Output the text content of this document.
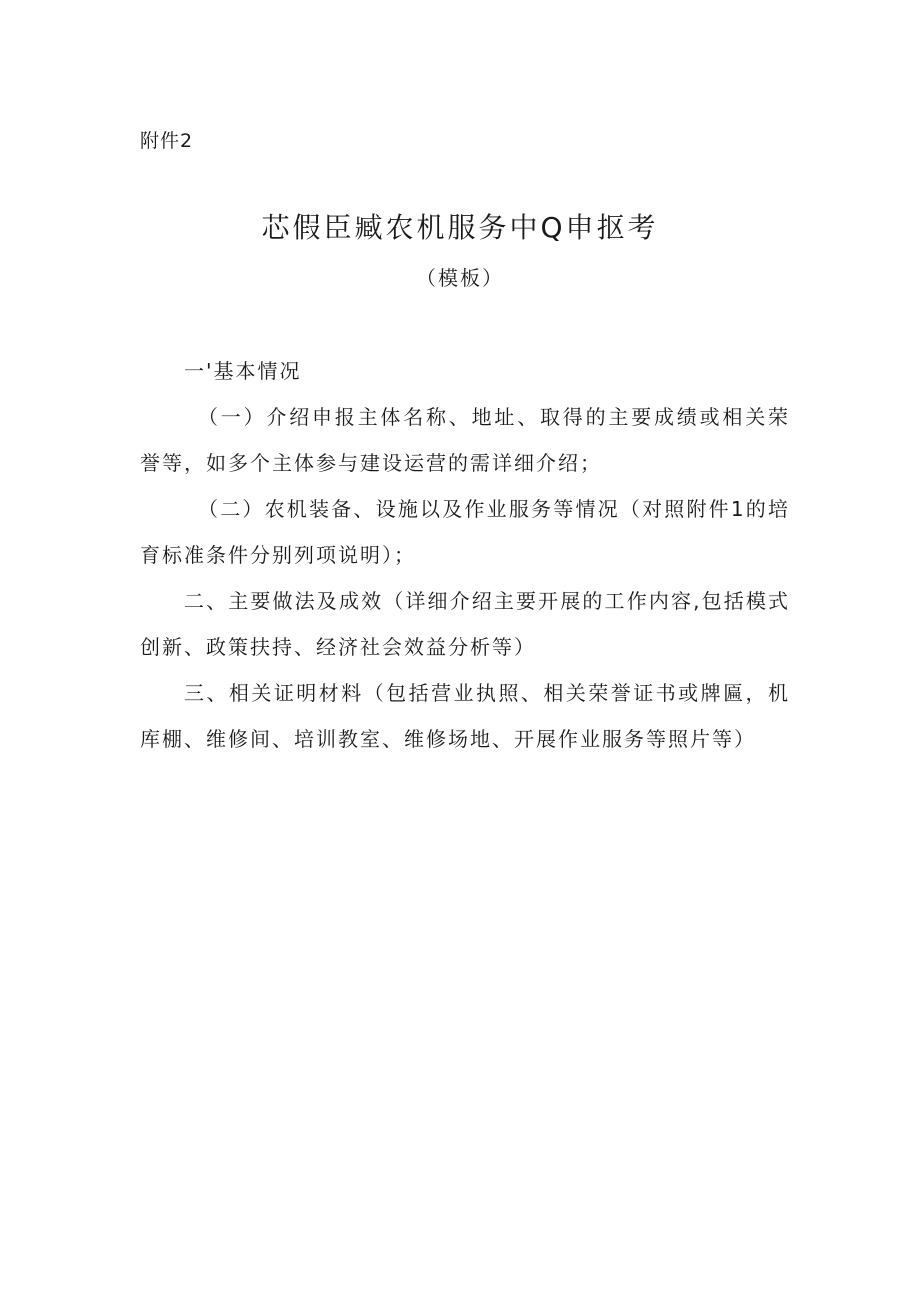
附件2
芯假臣臧农机服务中Q申抠考
（模板）

一'基本情况

（一）介绍申报主体名称、地址、取得的主要成绩或相关荣誉等，如多个主体参与建设运营的需详细介绍；

（二）农机装备、设施以及作业服务等情况（对照附件1的培育标准条件分别列项说明）；

二、主要做法及成效（详细介绍主要开展的工作内容,包括模式创新、政策扶持、经济社会效益分析等）

三、相关证明材料（包括营业执照、相关荣誉证书或牌匾，机库棚、维修间、培训教室、维修场地、开展作业服务等照片等）
